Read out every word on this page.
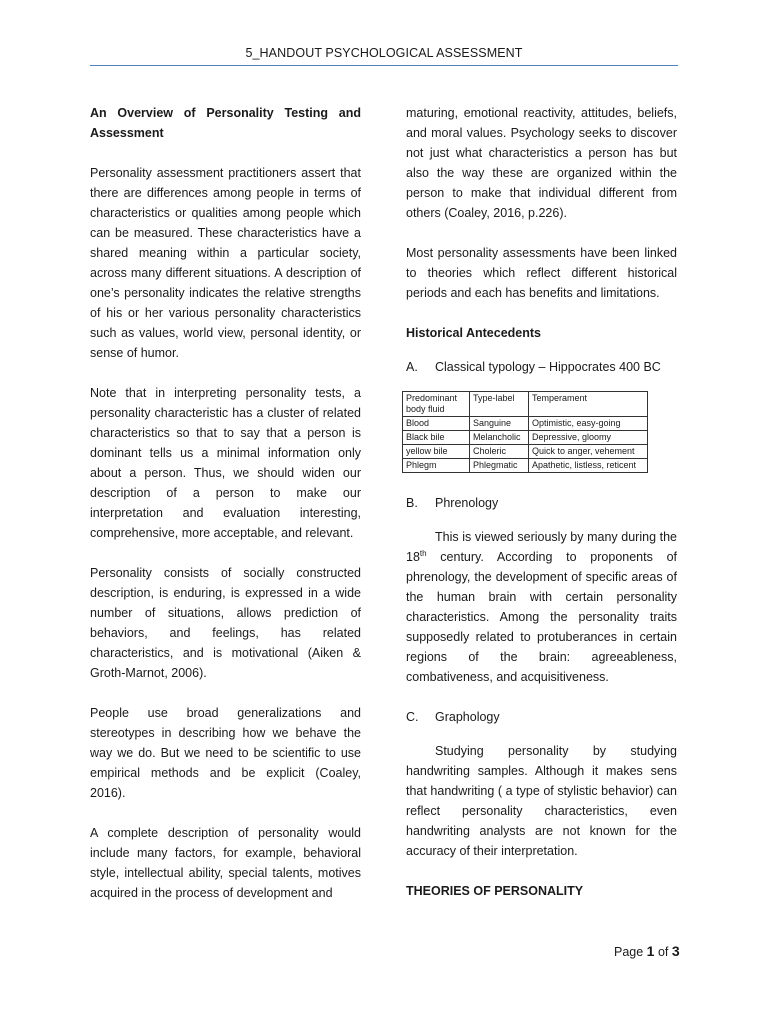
5_HANDOUT PSYCHOLOGICAL ASSESSMENT

An Overview of Personality Testing and Assessment

Personality assessment practitioners assert that there are differences among people in terms of characteristics or qualities among people which can be measured. These characteristics have a shared meaning within a particular society, across many different situations. A description of one’s personality indicates the relative strengths of his or her various personality characteristics such as values, world view, personal identity, or sense of humor.

Note that in interpreting personality tests, a personality characteristic has a cluster of related characteristics so that to say that a person is dominant tells us a minimal information only about a person. Thus, we should widen our description of a person to make our interpretation and evaluation interesting, comprehensive, more acceptable, and relevant.

Personality consists of socially constructed description, is enduring, is expressed in a wide number of situations, allows prediction of behaviors, and feelings, has related characteristics, and is motivational (Aiken & Groth-Marnot, 2006).

People use broad generalizations and stereotypes in describing how we behave the way we do. But we need to be scientific to use empirical methods and be explicit (Coaley, 2016).

A complete description of personality would include many factors, for example, behavioral style, intellectual ability, special talents, motives acquired in the process of development and

maturing, emotional reactivity, attitudes, beliefs, and moral values. Psychology seeks to discover not just what characteristics a person has but also the way these are organized within the person to make that individual different from others (Coaley, 2016, p.226).

Most personality assessments have been linked to theories which reflect different historical periods and each has benefits and limitations.

Historical Antecedents
A. Classical typology – Hippocrates 400 BC
Predominant body fluid	Type-label	Temperament
Blood	Sanguine	Optimistic, easy-going
Black bile	Melancholic	Depressive, gloomy
yellow bile	Choleric	Quick to anger, vehement
Phlegm	Phlegmatic	Apathetic, listless, reticent
B. Phrenology

This is viewed seriously by many during the 18th century. According to proponents of phrenology, the development of specific areas of the human brain with certain personality characteristics. Among the personality traits supposedly related to protuberances in certain regions of the brain: agreeableness, combativeness, and acquisitiveness.

C. Graphology

Studying personality by studying handwriting samples. Although it makes sens that handwriting ( a type of stylistic behavior) can reflect personality characteristics, even handwriting analysts are not known for the accuracy of their interpretation.

THEORIES OF PERSONALITY

Page 1 of 3
